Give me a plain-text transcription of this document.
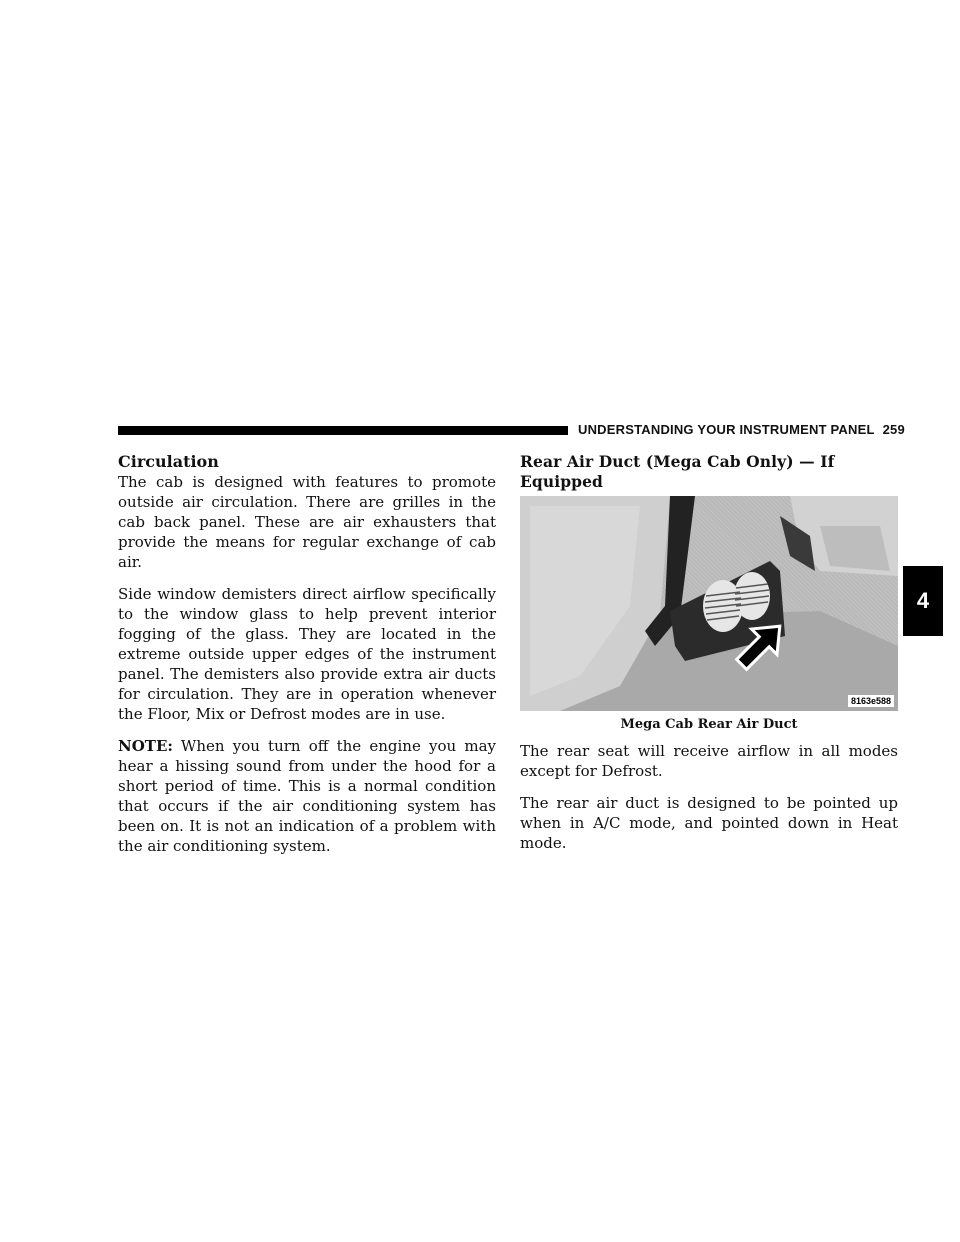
UNDERSTANDING YOUR INSTRUMENT PANEL 259
Circulation

The cab is designed with features to promote outside air circulation. There are grilles in the cab back panel. These are air exhausters that provide the means for regular exchange of cab air.

Side window demisters direct airflow specifically to the window glass to help prevent interior fogging of the glass. They are located in the extreme outside upper edges of the instrument panel. The demisters also provide extra air ducts for circulation. They are in operation whenever the Floor, Mix or Defrost modes are in use.

NOTE: When you turn off the engine you may hear a hissing sound from under the hood for a short period of time. This is a normal condition that occurs if the air conditioning system has been on. It is not an indication of a problem with the air conditioning system.

Rear Air Duct (Mega Cab Only) — If Equipped
8163e588
Mega Cab Rear Air Duct

The rear seat will receive airflow in all modes except for Defrost.

The rear air duct is designed to be pointed up when in A/C mode, and pointed down in Heat mode.

4
